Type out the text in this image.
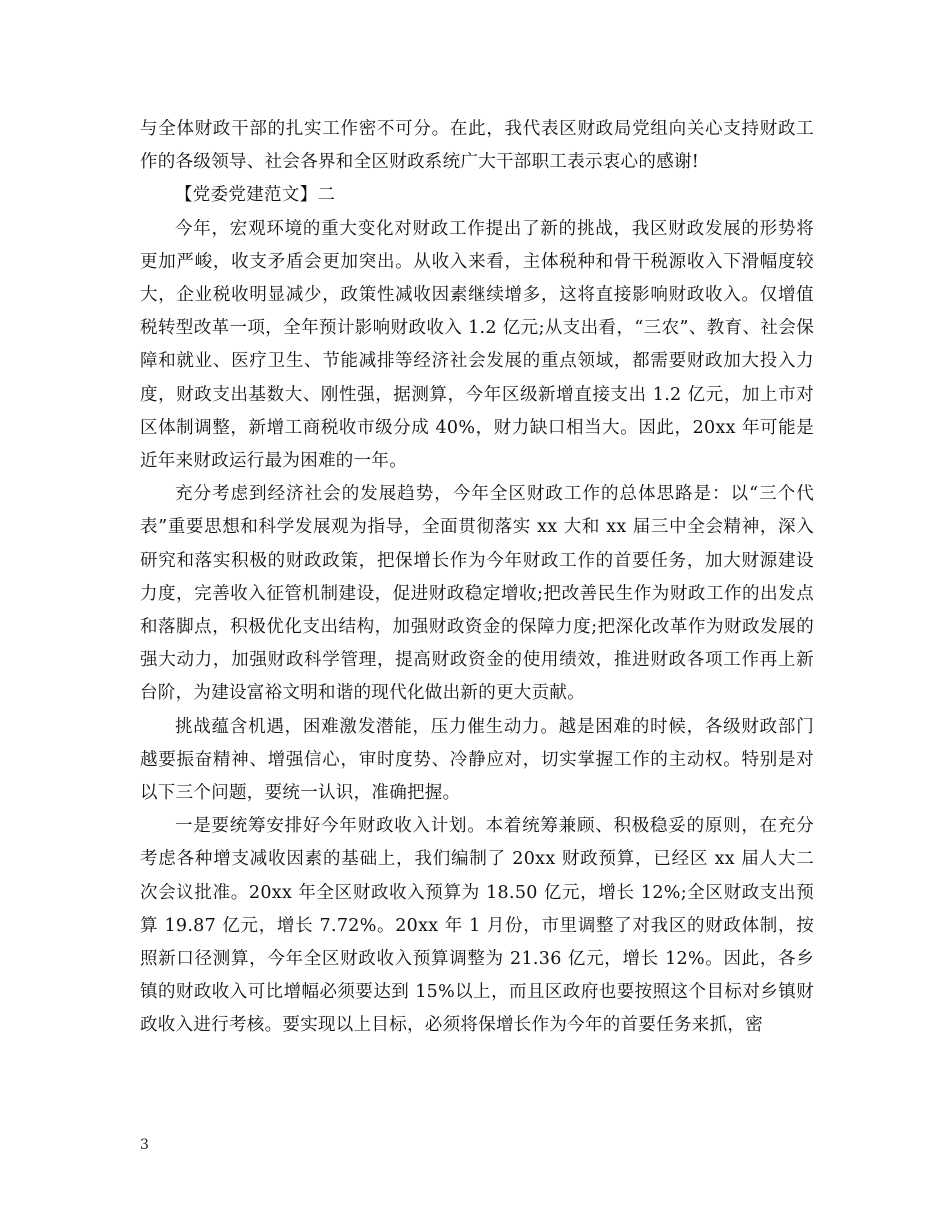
与全体财政干部的扎实工作密不可分。在此，我代表区财政局党组向关心支持财政工作的各级领导、社会各界和全区财政系统广大干部职工表示衷心的感谢!

【党委党建范文】二

今年，宏观环境的重大变化对财政工作提出了新的挑战，我区财政发展的形势将更加严峻，收支矛盾会更加突出。从收入来看，主体税种和骨干税源收入下滑幅度较大，企业税收明显减少，政策性减收因素继续增多，这将直接影响财政收入。仅增值税转型改革一项，全年预计影响财政收入 1.2 亿元;从支出看，“三农”、教育、社会保障和就业、医疗卫生、节能减排等经济社会发展的重点领域，都需要财政加大投入力度，财政支出基数大、刚性强，据测算，今年区级新增直接支出 1.2 亿元，加上市对区体制调整，新增工商税收市级分成 40%，财力缺口相当大。因此，20xx 年可能是近年来财政运行最为困难的一年。

充分考虑到经济社会的发展趋势，今年全区财政工作的总体思路是：以“三个代表”重要思想和科学发展观为指导，全面贯彻落实 xx 大和 xx 届三中全会精神，深入研究和落实积极的财政政策，把保增长作为今年财政工作的首要任务，加大财源建设力度，完善收入征管机制建设，促进财政稳定增收;把改善民生作为财政工作的出发点和落脚点，积极优化支出结构，加强财政资金的保障力度;把深化改革作为财政发展的强大动力，加强财政科学管理，提高财政资金的使用绩效，推进财政各项工作再上新台阶，为建设富裕文明和谐的现代化做出新的更大贡献。

挑战蕴含机遇，困难激发潜能，压力催生动力。越是困难的时候，各级财政部门越要振奋精神、增强信心，审时度势、冷静应对，切实掌握工作的主动权。特别是对以下三个问题，要统一认识，准确把握。

一是要统筹安排好今年财政收入计划。本着统筹兼顾、积极稳妥的原则，在充分考虑各种增支减收因素的基础上，我们编制了 20xx 财政预算，已经区 xx 届人大二次会议批准。20xx 年全区财政收入预算为 18.50 亿元，增长 12%;全区财政支出预算 19.87 亿元，增长 7.72%。20xx 年 1 月份，市里调整了对我区的财政体制，按照新口径测算，今年全区财政收入预算调整为 21.36 亿元，增长 12%。因此，各乡镇的财政收入可比增幅必须要达到 15%以上，而且区政府也要按照这个目标对乡镇财政收入进行考核。要实现以上目标，必须将保增长作为今年的首要任务来抓，密

3
